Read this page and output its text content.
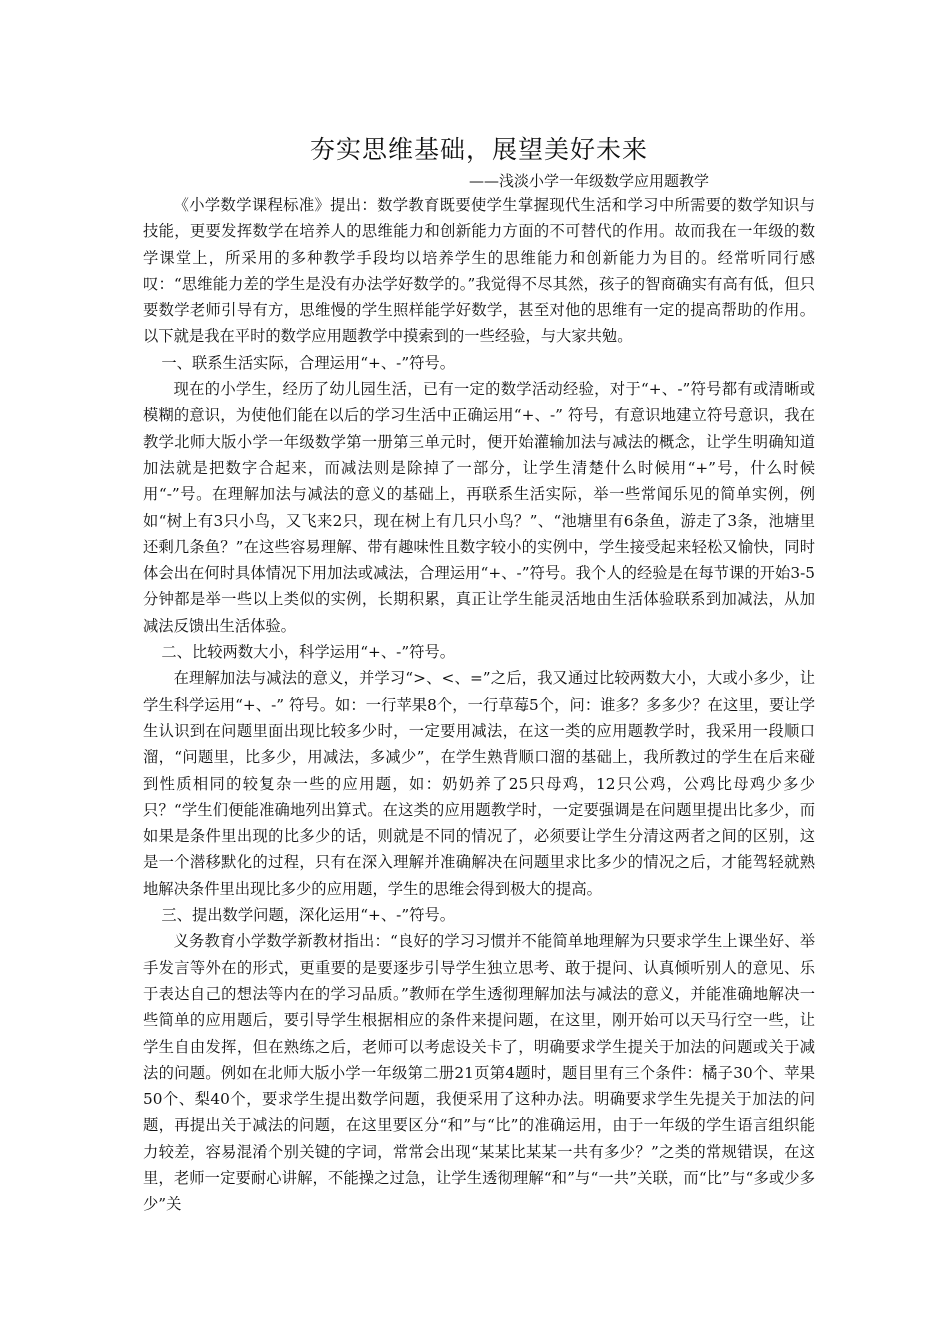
夯实思维基础，展望美好未来

——浅淡小学一年级数学应用题教学

《小学数学课程标准》提出：数学教育既要使学生掌握现代生活和学习中所需要的数学知识与技能，更要发挥数学在培养人的思维能力和创新能力方面的不可替代的作用。故而我在一年级的数学课堂上，所采用的多种教学手段均以培养学生的思维能力和创新能力为目的。经常听同行感叹：“思维能力差的学生是没有办法学好数学的。”我觉得不尽其然，孩子的智商确实有高有低，但只要数学老师引导有方，思维慢的学生照样能学好数学，甚至对他的思维有一定的提高帮助的作用。以下就是我在平时的数学应用题教学中摸索到的一些经验，与大家共勉。

一、联系生活实际，合理运用“+、-”符号。

现在的小学生，经历了幼儿园生活，已有一定的数学活动经验，对于“+、-”符号都有或清晰或模糊的意识，为使他们能在以后的学习生活中正确运用“+、-” 符号，有意识地建立符号意识，我在教学北师大版小学一年级数学第一册第三单元时，便开始灌输加法与减法的概念，让学生明确知道加法就是把数字合起来，而减法则是除掉了一部分，让学生清楚什么时候用“+”号，什么时候用“-”号。在理解加法与减法的意义的基础上，再联系生活实际，举一些常闻乐见的简单实例，例如“树上有3只小鸟，又飞来2只，现在树上有几只小鸟？”、“池塘里有6条鱼，游走了3条，池塘里还剩几条鱼？”在这些容易理解、带有趣味性且数字较小的实例中，学生接受起来轻松又愉快，同时体会出在何时具体情况下用加法或减法，合理运用“+、-”符号。我个人的经验是在每节课的开始3-5分钟都是举一些以上类似的实例，长期积累，真正让学生能灵活地由生活体验联系到加减法，从加减法反馈出生活体验。

二、比较两数大小，科学运用“+、-”符号。

在理解加法与减法的意义，并学习“>、<、=”之后，我又通过比较两数大小，大或小多少，让学生科学运用“+、-” 符号。如：一行苹果8个，一行草莓5个，问：谁多？多多少？在这里，要让学生认识到在问题里面出现比较多少时，一定要用减法，在这一类的应用题教学时，我采用一段顺口溜，“问题里，比多少，用减法，多减少”，在学生熟背顺口溜的基础上，我所教过的学生在后来碰到性质相同的较复杂一些的应用题，如：奶奶养了25只母鸡，12只公鸡，公鸡比母鸡少多少只？“学生们便能准确地列出算式。在这类的应用题教学时，一定要强调是在问题里提出比多少，而如果是条件里出现的比多少的话，则就是不同的情况了，必须要让学生分清这两者之间的区别，这是一个潜移默化的过程，只有在深入理解并准确解决在问题里求比多少的情况之后，才能驾轻就熟地解决条件里出现比多少的应用题，学生的思维会得到极大的提高。

三、提出数学问题，深化运用“+、-”符号。

义务教育小学数学新教材指出：“良好的学习习惯并不能简单地理解为只要求学生上课坐好、举手发言等外在的形式，更重要的是要逐步引导学生独立思考、敢于提问、认真倾听别人的意见、乐于表达自己的想法等内在的学习品质。”教师在学生透彻理解加法与减法的意义，并能准确地解决一些简单的应用题后，要引导学生根据相应的条件来提问题，在这里，刚开始可以天马行空一些，让学生自由发挥，但在熟练之后，老师可以考虑设关卡了，明确要求学生提关于加法的问题或关于减法的问题。例如在北师大版小学一年级第二册21页第4题时，题目里有三个条件：橘子30个、苹果50个、梨40个，要求学生提出数学问题，我便采用了这种办法。明确要求学生先提关于加法的问题，再提出关于减法的问题，在这里要区分“和”与“比”的准确运用，由于一年级的学生语言组织能力较差，容易混淆个别关键的字词，常常会出现“某某比某某一共有多少？”之类的常规错误，在这里，老师一定要耐心讲解，不能操之过急，让学生透彻理解“和”与“一共”关联，而“比”与“多或少多少”关
